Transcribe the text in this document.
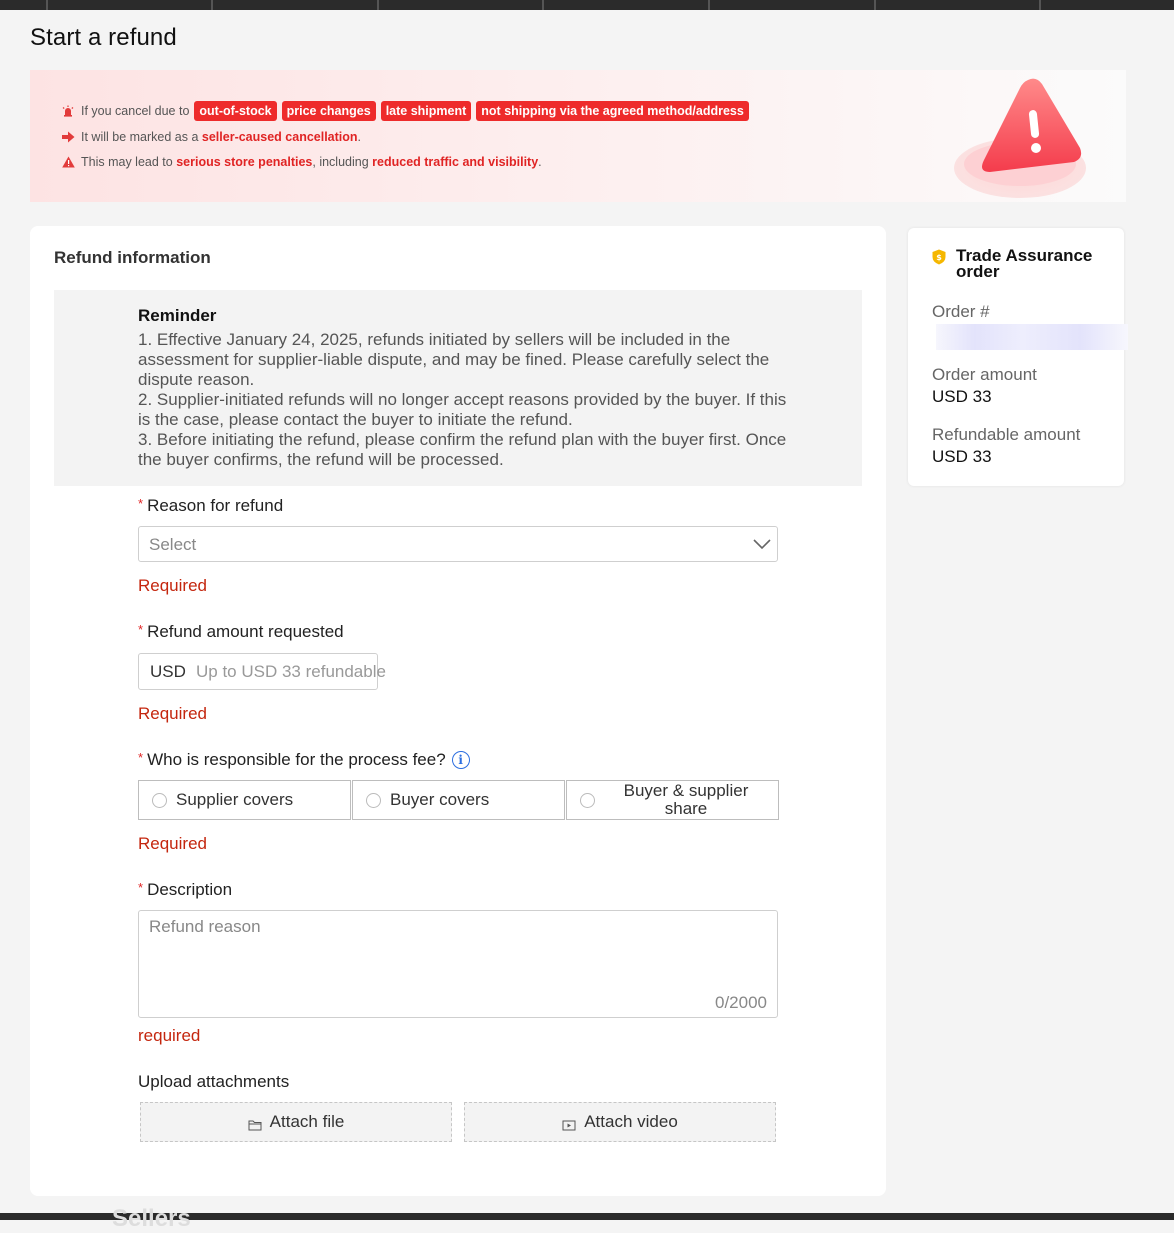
Start a refund
If you cancel due to out-of-stock	price changes	late shipment	not shipping via the agreed method/address
It will be marked as a
seller-caused cancellation .
This may lead to
serious store penalties , including
reduced traffic and visibility .
Refund information
Reminder
1. Effective January 24, 2025, refunds initiated by sellers will be included in the assessment for supplier-liable dispute, and may be fined. Please carefully select the dispute reason.
2. Supplier-initiated refunds will no longer accept reasons provided by the buyer. If this is the case, please contact the buyer to initiate the refund.
3. Before initiating the refund, please confirm the refund plan with the buyer first. Once the buyer confirms, the refund will be processed.
* Reason for refund
Select
Required
* Refund amount requested
USD Up to USD 33 refundable
Required
* Who is responsible for the process fee?	i
Supplier covers	Buyer covers	Buyer & supplier share
Required
* Description
Refund reason
0/2000
required
Upload attachments
Attach file	Attach video
$ Trade Assurance order
Order #
Order amount
USD 33
Refundable amount
USD 33
Sellers
